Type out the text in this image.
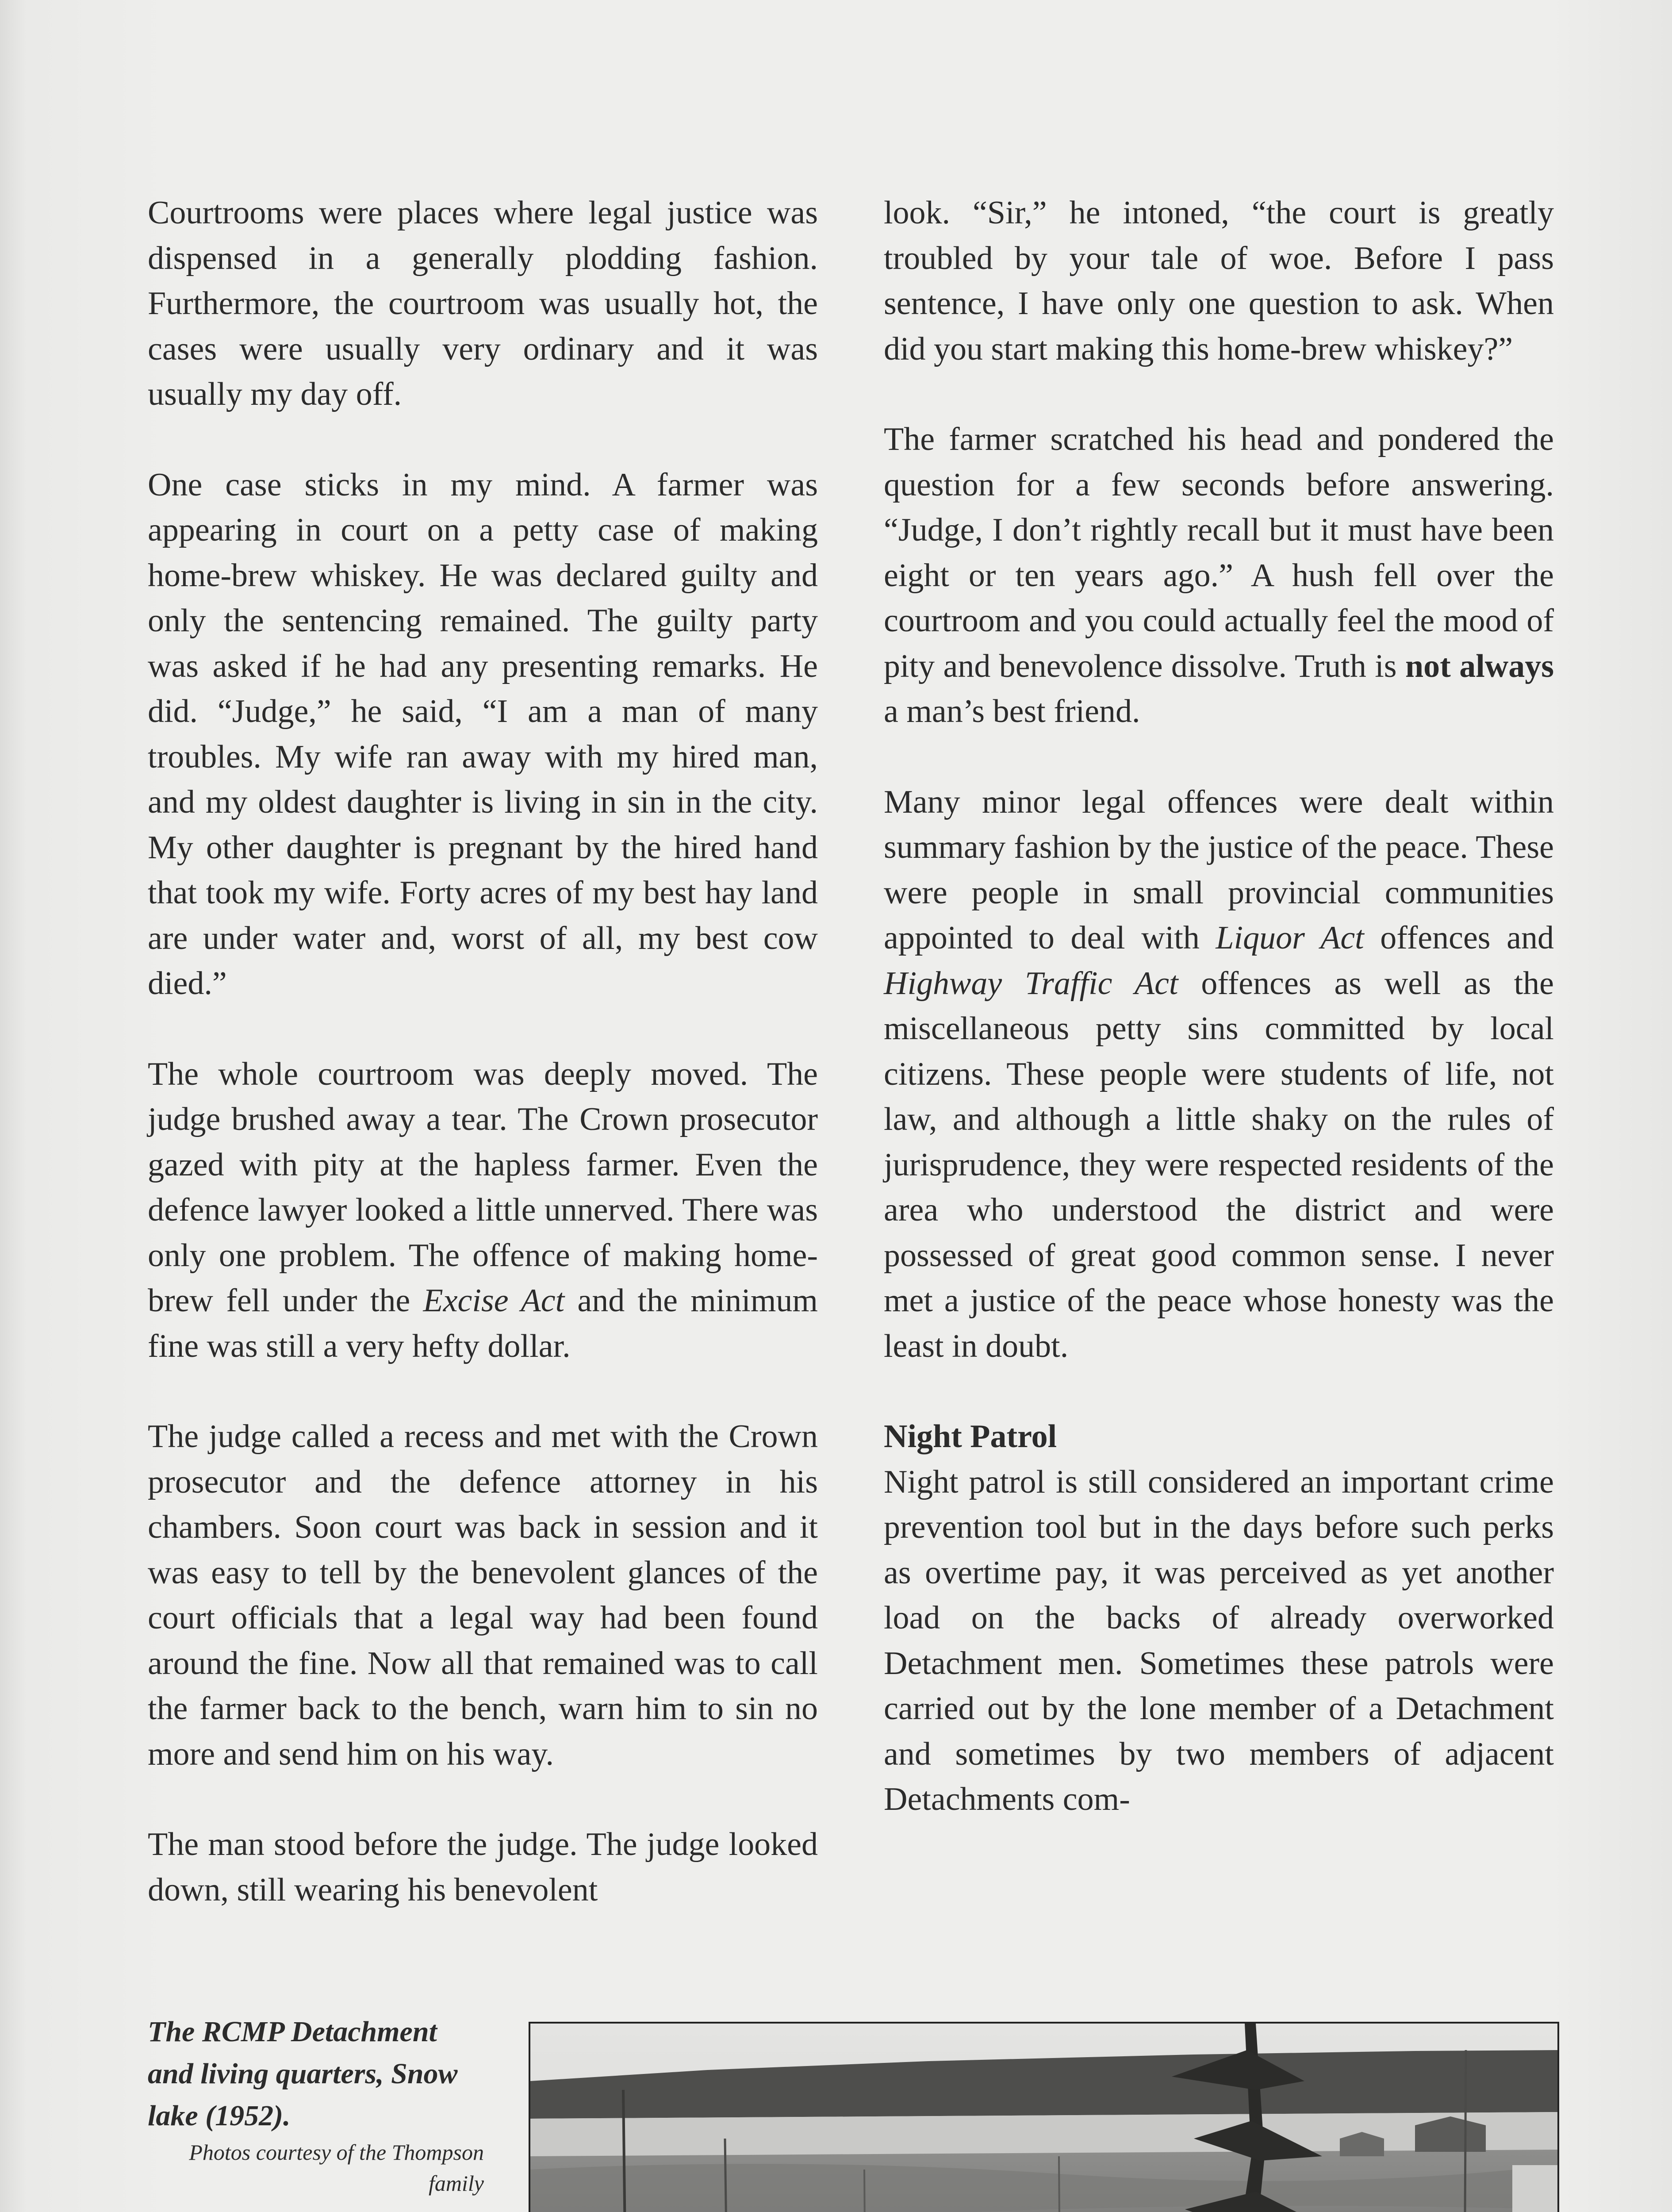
Courtrooms were places where legal justice was dispensed in a generally plodding fashion. Furthermore, the courtroom was usually hot, the cases were usually very ordinary and it was usually my day off.

One case sticks in my mind. A farmer was appearing in court on a petty case of making home-brew whiskey. He was declared guilty and only the sentencing remained. The guilty party was asked if he had any presenting remarks. He did. “Judge,” he said, “I am a man of many troubles. My wife ran away with my hired man, and my oldest daughter is living in sin in the city. My other daughter is pregnant by the hired hand that took my wife. Forty acres of my best hay land are under water and, worst of all, my best cow died.”

The whole courtroom was deeply moved. The judge brushed away a tear. The Crown prosecutor gazed with pity at the hapless farmer. Even the defence lawyer looked a little unnerved. There was only one problem. The offence of making home-brew fell under the Excise Act and the minimum fine was still a very hefty dollar.

The judge called a recess and met with the Crown prosecutor and the defence attorney in his chambers. Soon court was back in session and it was easy to tell by the benevolent glances of the court officials that a legal way had been found around the fine. Now all that remained was to call the farmer back to the bench, warn him to sin no more and send him on his way.

The man stood before the judge. The judge looked down, still wearing his benevolent

look. “Sir,” he intoned, “the court is greatly troubled by your tale of woe. Before I pass sentence, I have only one question to ask. When did you start making this home-brew whiskey?”

The farmer scratched his head and pondered the question for a few seconds before answering. “Judge, I don’t rightly recall but it must have been eight or ten years ago.” A hush fell over the courtroom and you could actually feel the mood of pity and benevolence dissolve. Truth is not always a man’s best friend.

Many minor legal offences were dealt within summary fashion by the justice of the peace. These were people in small provincial communities appointed to deal with Liquor Act offences and Highway Traffic Act offences as well as the miscellaneous petty sins committed by local citizens. These people were students of life, not law, and although a little shaky on the rules of jurisprudence, they were respected residents of the area who understood the district and were possessed of great good common sense. I never met a justice of the peace whose honesty was the least in doubt.

Night Patrol

Night patrol is still considered an important crime prevention tool but in the days before such perks as overtime pay, it was perceived as yet another load on the backs of already overworked Detachment men. Sometimes these patrols were carried out by the lone member of a Detachment and sometimes by two members of adjacent Detachments com-

The RCMP Detachment and living quarters, Snow lake (1952).
Photos courtesy of the Thompson family
